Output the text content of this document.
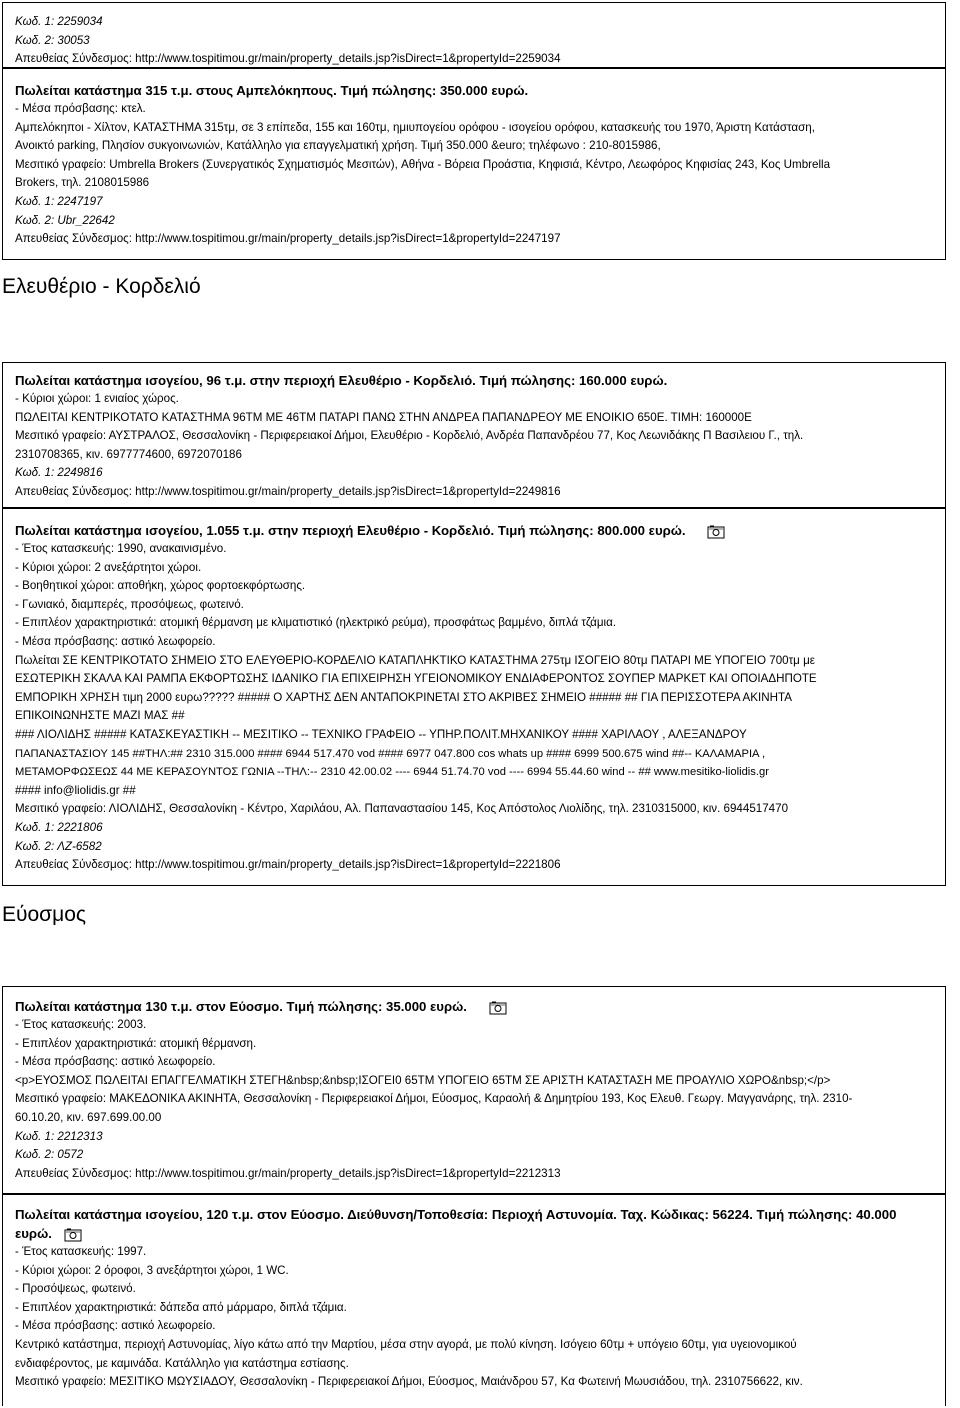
Κωδ. 1: 2259034
Κωδ. 2: 30053
Απευθείας Σύνδεσμος: http://www.tospitimou.gr/main/property_details.jsp?isDirect=1&propertyId=2259034
Πωλείται κατάστημα 315 τ.μ. στους Αμπελόκηπους. Τιμή πώλησης: 350.000 ευρώ.
- Μέσα πρόσβασης: κτελ.
Αμπελόκηποι - Χίλτον, ΚΑΤΑΣΤΗΜΑ 315τμ, σε 3 επίπεδα, 155 και 160τμ, ημιυπογείου ορόφου - ισογείου ορόφου, κατασκευής του 1970, Άριστη Κατάσταση,
Ανοικτό parking, Πλησίον συκγοινωνιών, Κατάλληλο για επαγγελματική χρήση. Τιμή 350.000 &euro; τηλέφωνο : 210-8015986,
Μεσιτικό γραφείο: Umbrella Brokers (Συνεργατικός Σχηματισμός Μεσιτών), Αθήνα - Βόρεια Προάστια, Κηφισιά, Κέντρο, Λεωφόρος Κηφισίας 243, Κος Umbrella
Brokers, τηλ. 2108015986
Κωδ. 1: 2247197
Κωδ. 2: Ubr_22642
Απευθείας Σύνδεσμος: http://www.tospitimou.gr/main/property_details.jsp?isDirect=1&propertyId=2247197
Ελευθέριο - Κορδελιό
Πωλείται κατάστημα ισογείου, 96 τ.μ. στην περιοχή Ελευθέριο - Κορδελιό. Τιμή πώλησης: 160.000 ευρώ.
- Κύριοι χώροι: 1 ενιαίος χώρος.
ΠΩΛΕΙΤΑΙ ΚΕΝΤΡΙΚΟΤΑΤΟ ΚΑΤΑΣΤΗΜΑ 96ΤΜ ΜΕ 46ΤΜ ΠΑΤΑΡΙ ΠΑΝΩ ΣΤΗΝ ΑΝΔΡΕΑ ΠΑΠΑΝΔΡΕΟΥ ΜΕ ΕΝΟΙΚΙΟ 650Ε. ΤΙΜΗ: 160000Ε
Μεσιτικό γραφείο: ΑΥΣΤΡΑΛΟΣ, Θεσσαλονίκη - Περιφερειακοί Δήμοι, Ελευθέριο - Κορδελιό, Ανδρέα Παπανδρέου 77, Κος Λεωνιδάκης Π Βασιλειου Γ., τηλ.
2310708365, κιν. 6977774600, 6972070186
Κωδ. 1: 2249816
Απευθείας Σύνδεσμος: http://www.tospitimou.gr/main/property_details.jsp?isDirect=1&propertyId=2249816
Πωλείται κατάστημα ισογείου, 1.055 τ.μ. στην περιοχή Ελευθέριο - Κορδελιό. Τιμή πώλησης: 800.000 ευρώ.
- Έτος κατασκευής: 1990, ανακαινισμένο.
- Κύριοι χώροι: 2 ανεξάρτητοι χώροι.
- Βοηθητικοί χώροι: αποθήκη, χώρος φορτοεκφόρτωσης.
- Γωνιακό, διαμπερές, προσόψεως, φωτεινό.
- Επιπλέον χαρακτηριστικά: ατομική θέρμανση με κλιματιστικό (ηλεκτρικό ρεύμα), προσφάτως βαμμένο, διπλά τζάμια.
- Μέσα πρόσβασης: αστικό λεωφορείο.
Πωλείται ΣΕ ΚΕΝΤΡΙΚΟΤΑΤΟ ΣΗΜΕΙΟ ΣΤΟ ΕΛΕΥΘΕΡΙΟ-ΚΟΡΔΕΛΙΟ ΚΑΤΑΠΛΗΚΤΙΚΟ ΚΑΤΑΣΤΗΜΑ 275τμ ΙΣΟΓΕΙΟ 80τμ ΠΑΤΑΡΙ ΜΕ ΥΠΟΓΕΙΟ 700τμ με
ΕΣΩΤΕΡΙΚΗ ΣΚΑΛΑ ΚΑΙ ΡΑΜΠΑ ΕΚΦΟΡΤΩΣΗΣ ΙΔΑΝΙΚΟ ΓΙΑ ΕΠΙΧΕΙΡΗΣΗ ΥΓΕΙΟΝΟΜΙΚΟΥ ΕΝΔΙΑΦΕΡΟΝΤΟΣ ΣΟΥΠΕΡ ΜΑΡΚΕΤ ΚΑΙ ΟΠΟΙΑΔΗΠΟΤΕ
ΕΜΠΟΡΙΚΗ ΧΡΗΣΗ τιμη 2000 ευρω????? ##### Ο ΧΑΡΤΗΣ ΔΕΝ ΑΝΤΑΠΟΚΡΙΝΕΤΑΙ ΣΤΟ ΑΚΡΙΒΕΣ ΣΗΜΕΙΟ ##### ## ΓΙΑ ΠΕΡΙΣΣΟΤΕΡΑ ΑΚΙΝΗΤΑ
ΕΠΙΚΟΙΝΩΝΗΣΤΕ ΜΑΖΙ ΜΑΣ ##
### ΛΙΟΛΙΔΗΣ ##### ΚΑΤΑΣΚΕΥΑΣΤΙΚΗ -- ΜΕΣΙΤΙΚΟ -- ΤΕΧΝΙΚΟ ΓΡΑΦΕΙΟ -- ΥΠΗΡ.ΠΟΛΙΤ.ΜΗΧΑΝΙΚΟΥ #### ΧΑΡΙΛΑΟΥ , ΑΛΕΞΑΝΔΡΟΥ
ΠΑΠΑΝΑΣΤΑΣΙΟΥ 145 ##ΤΗΛ:## 2310 315.000 #### 6944 517.470 vod #### 6977 047.800 cos whats up #### 6999 500.675 wind ##-- ΚΑΛΑΜΑΡΙΑ ,
ΜΕΤΑΜΟΡΦΩΣΕΩΣ 44 ΜΕ ΚΕΡΑΣΟΥΝΤΟΣ ΓΩΝΙΑ --ΤΗΛ:-- 2310 42.00.02 ---- 6944 51.74.70 vod ---- 6994 55.44.60 wind -- ## www.mesitiko-liolidis.gr
#### info@liolidis.gr ##
Μεσιτικό γραφείο: ΛΙΟΛΙΔΗΣ, Θεσσαλονίκη - Κέντρο, Χαριλάου, Αλ. Παπαναστασίου 145, Κος Απόστολος Λιολίδης, τηλ. 2310315000, κιν. 6944517470
Κωδ. 1: 2221806
Κωδ. 2: ΛΖ-6582
Απευθείας Σύνδεσμος: http://www.tospitimou.gr/main/property_details.jsp?isDirect=1&propertyId=2221806
Εύοσμος
Πωλείται κατάστημα 130 τ.μ. στον Εύοσμο. Τιμή πώλησης: 35.000 ευρώ.
- Έτος κατασκευής: 2003.
- Επιπλέον χαρακτηριστικά: ατομική θέρμανση.
- Μέσα πρόσβασης: αστικό λεωφορείο.
<p>ΕΥΟΣΜΟΣ ΠΩΛΕΙΤΑΙ ΕΠΑΓΓΕΛΜΑΤΙΚΗ ΣΤΕΓΗ&nbsp;&nbsp;ΙΣΟΓΕΙ0 65ΤΜ ΥΠΟΓΕΙΟ 65ΤΜ ΣΕ ΑΡΙΣΤΗ ΚΑΤΑΣΤΑΣΗ ΜΕ ΠΡΟΑΥΛΙΟ ΧΩΡΟ&nbsp;</p>
Μεσιτικό γραφείο: ΜΑΚΕΔΟΝΙΚΑ ΑΚΙΝΗΤΑ, Θεσσαλονίκη - Περιφερειακοί Δήμοι, Εύοσμος, Καραολή & Δημητρίου 193, Κος Ελευθ. Γεωργ. Μαγγανάρης, τηλ. 2310-
60.10.20, κιν. 697.699.00.00
Κωδ. 1: 2212313
Κωδ. 2: 0572
Απευθείας Σύνδεσμος: http://www.tospitimou.gr/main/property_details.jsp?isDirect=1&propertyId=2212313
Πωλείται κατάστημα ισογείου, 120 τ.μ. στον Εύοσμο. Διεύθυνση/Τοποθεσία: Περιοχή Αστυνομία. Ταχ. Κώδικας: 56224. Τιμή πώλησης: 40.000
ευρώ.
- Έτος κατασκευής: 1997.
- Κύριοι χώροι: 2 όροφοι, 3 ανεξάρτητοι χώροι, 1 WC.
- Προσόψεως, φωτεινό.
- Επιπλέον χαρακτηριστικά: δάπεδα από μάρμαρο, διπλά τζάμια.
- Μέσα πρόσβασης: αστικό λεωφορείο.
Κεντρικό κατάστημα, περιοχή Αστυνομίας, λίγο κάτω από την Μαρτίου, μέσα στην αγορά, με πολύ κίνηση. Ισόγειο 60τμ + υπόγειο 60τμ, για υγειονομικού
ενδιαφέροντος, με καμινάδα. Κατάλληλο για κατάστημα εστίασης.
Μεσιτικό γραφείο: ΜΕΣΙΤΙΚΟ ΜΩΥΣΙΑΔΟΥ, Θεσσαλονίκη - Περιφερειακοί Δήμοι, Εύοσμος, Μαιάνδρου 57, Κα Φωτεινή Μωυσιάδου, τηλ. 2310756622, κιν.
